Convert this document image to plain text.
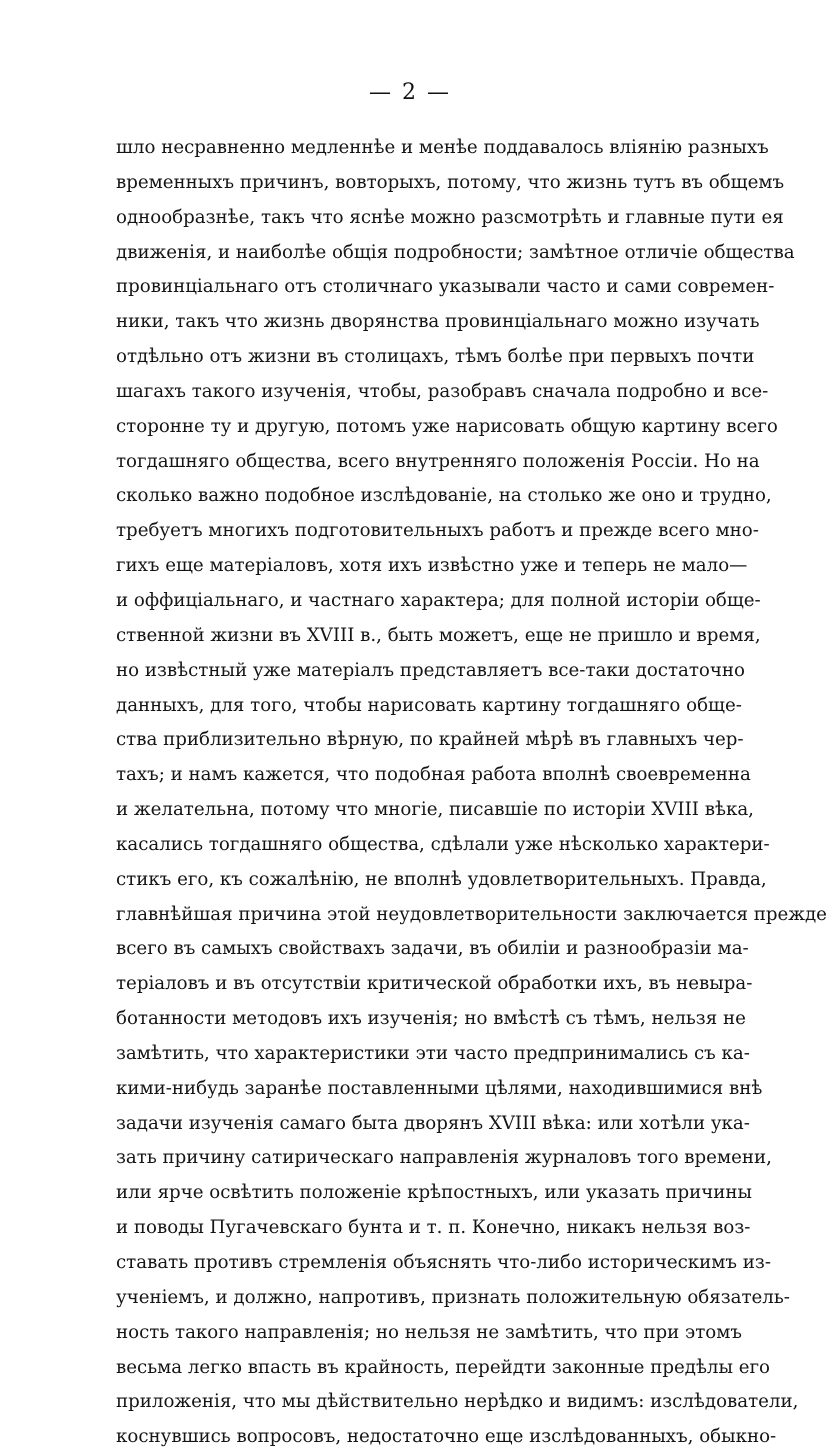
— 2 —
шло несравненно медленнѣе и менѣе поддавалось вліянію разныхъ
временныхъ причинъ, вовторыхъ, потому, что жизнь тутъ въ общемъ
однообразнѣе, такъ что яснѣе можно разсмотрѣть и главные пути ея
движенія, и наиболѣе общія подробности; замѣтное отличіе общества
провинціальнаго отъ столичнаго указывали часто и сами современ-
ники, такъ что жизнь дворянства провинціальнаго можно изучать
отдѣльно отъ жизни въ столицахъ, тѣмъ болѣе при первыхъ почти
шагахъ такого изученія, чтобы, разобравъ сначала подробно и все-
сторонне ту и другую, потомъ уже нарисовать общую картину всего
тогдашняго общества, всего внутренняго положенія Россіи. Но на
сколько важно подобное изслѣдованіе, на столько же оно и трудно,
требуетъ многихъ подготовительныхъ работъ и прежде всего мно-
гихъ еще матеріаловъ, хотя ихъ извѣстно уже и теперь не мало—
и оффиціальнаго, и частнаго характера; для полной исторіи обще-
ственной жизни въ XVIII в., быть можетъ, еще не пришло и время,
но извѣстный уже матеріалъ представляетъ все-таки достаточно
данныхъ, для того, чтобы нарисовать картину тогдашняго обще-
ства приблизительно вѣрную, по крайней мѣрѣ въ главныхъ чер-
тахъ; и намъ кажется, что подобная работа вполнѣ своевременна
и желательна, потому что многіе, писавшіе по исторіи XVIII вѣка,
касались тогдашняго общества, сдѣлали уже нѣсколько характери-
стикъ его, къ сожалѣнію, не вполнѣ удовлетворительныхъ. Правда,
главнѣйшая причина этой неудовлетворительности заключается прежде
всего въ самыхъ свойствахъ задачи, въ обиліи и разнообразіи ма-
теріаловъ и въ отсутствіи критической обработки ихъ, въ невыра-
ботанности методовъ ихъ изученія; но вмѣстѣ съ тѣмъ, нельзя не
замѣтить, что характеристики эти часто предпринимались съ ка-
кими-нибудь заранѣе поставленными цѣлями, находившимися внѣ
задачи изученія самаго быта дворянъ XVIII вѣка: или хотѣли ука-
зать причину сатирическаго направленія журналовъ того времени,
или ярче освѣтить положеніе крѣпостныхъ, или указать причины
и поводы Пугачевскаго бунта и т. п. Конечно, никакъ нельзя воз-
ставать противъ стремленія объяснять что-либо историческимъ из-
ученіемъ, и должно, напротивъ, признать положительную обязатель-
ность такого направленія; но нельзя не замѣтить, что при этомъ
весьма легко впасть въ крайность, перейдти законные предѣлы его
приложенія, что мы дѣйствительно нерѣдко и видимъ: изслѣдователи,
коснувшись вопросовъ, недостаточно еще изслѣдованныхъ, обыкно-
